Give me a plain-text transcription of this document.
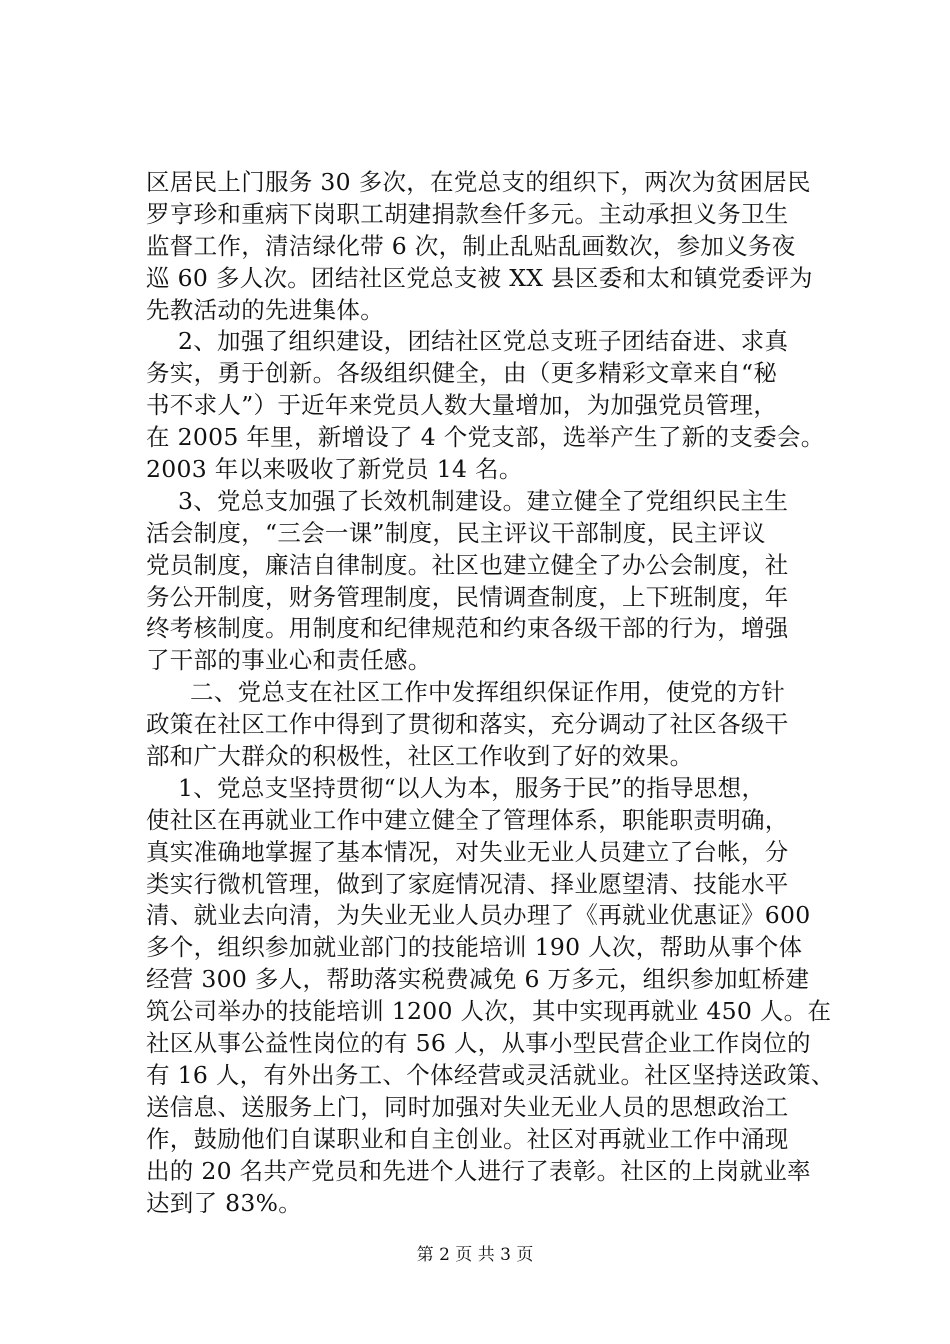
区居民上门服务 30 多次，在党总支的组织下，两次为贫困居民
罗亨珍和重病下岗职工胡建捐款叁仟多元。主动承担义务卫生
监督工作，清洁绿化带 6 次，制止乱贴乱画数次，参加义务夜
巡 60 多人次。团结社区党总支被 XX 县区委和太和镇党委评为
先教活动的先进集体。
2、加强了组织建设，团结社区党总支班子团结奋进、求真
务实，勇于创新。各级组织健全，由（更多精彩文章来自“秘
书不求人”）于近年来党员人数大量增加，为加强党员管理，
在 2005 年里，新增设了 4 个党支部，选举产生了新的支委会。
2003 年以来吸收了新党员 14 名。
3、党总支加强了长效机制建设。建立健全了党组织民主生
活会制度，“三会一课”制度，民主评议干部制度，民主评议
党员制度，廉洁自律制度。社区也建立健全了办公会制度，社
务公开制度，财务管理制度，民情调查制度，上下班制度，年
终考核制度。用制度和纪律规范和约束各级干部的行为，增强
了干部的事业心和责任感。
二、党总支在社区工作中发挥组织保证作用，使党的方针
政策在社区工作中得到了贯彻和落实，充分调动了社区各级干
部和广大群众的积极性，社区工作收到了好的效果。
1、党总支坚持贯彻“以人为本，服务于民”的指导思想，
使社区在再就业工作中建立健全了管理体系，职能职责明确，
真实准确地掌握了基本情况，对失业无业人员建立了台帐，分
类实行微机管理，做到了家庭情况清、择业愿望清、技能水平
清、就业去向清，为失业无业人员办理了《再就业优惠证》600
多个，组织参加就业部门的技能培训 190 人次，帮助从事个体
经营 300 多人，帮助落实税费减免 6 万多元，组织参加虹桥建
筑公司举办的技能培训 1200 人次，其中实现再就业 450 人。在
社区从事公益性岗位的有 56 人，从事小型民营企业工作岗位的
有 16 人，有外出务工、个体经营或灵活就业。社区坚持送政策、
送信息、送服务上门，同时加强对失业无业人员的思想政治工
作，鼓励他们自谋职业和自主创业。社区对再就业工作中涌现
出的 20 名共产党员和先进个人进行了表彰。社区的上岗就业率
达到了 83%。
第 2 页 共 3 页
